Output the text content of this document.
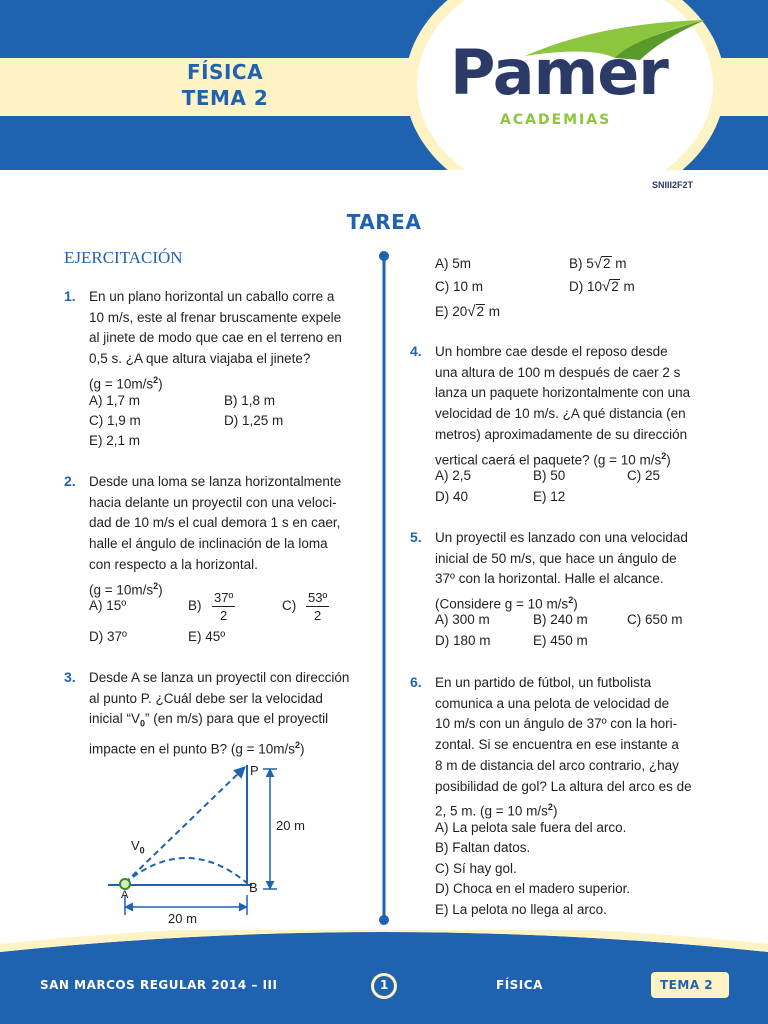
FÍSICA
TEMA 2	Pamer
ACADEMIAS
SNIII2F2T
TAREA
EJERCITACIÓN
1. En un plano horizontal un caballo corre a
10 m/s, este al frenar bruscamente expele
al jinete de modo que cae en el terreno en
0,5 s. ¿A que altura viajaba el jinete?
$(g = 10m/s^2)$
A) 1,7 m	B) 1,8 m
C) 1,9 m	D) 1,25 m
E) 2,1 m
2. Desde una loma se lanza horizontalmente
hacia delante un proyectil con una veloci-
dad de 10 m/s el cual demora 1 s en caer,
halle el ángulo de inclinación de la loma
con respecto a la horizontal.
$(g = 10m/s^2)$
A) 15º	$B) \frac{\text{37º}}{2}$	$C) \frac{\text{53º}}{2}$
D) 37º	E) 45º
3. Desde A se lanza un proyectil con dirección
al punto P. ¿Cuál debe ser la velocidad
inicial “$V_0$” (en m/s) para que el proyectil
impacte en el punto B? $(g = 10m/s^2)$
P
B
A
$V_0$
20 m
20 m
A) 5m	B) 5√2 m
C) 10 m	D) 10√2 m
E) 20√2 m
4. Un hombre cae desde el reposo desde
una altura de 100 m después de caer 2 s
lanza un paquete horizontalmente con una
velocidad de 10 m/s. ¿A qué distancia (en
metros) aproximadamente de su dirección
vertical caerá el paquete? (g = 10 $m/s^2$)
A) 2,5	B) 50	C) 25
D) 40	E) 12
5. Un proyectil es lanzado con una velocidad
inicial de 50 m/s, que hace un ángulo de
37º con la horizontal. Halle el alcance.
(Considere g = 10 $m/s^2$)
A) 300 m	B) 240 m	C) 650 m
D) 180 m	E) 450 m
6. En un partido de fútbol, un futbolista
comunica a una pelota de velocidad de
10 m/s con un ángulo de 37º con la hori-
zontal. Si se encuentra en ese instante a
8 m de distancia del arco contrario, ¿hay
posibilidad de gol? La altura del arco es de
2, 5 m. (g = 10 $m/s^2$)
A) La pelota sale fuera del arco.
B) Faltan datos.
C) Sí hay gol.
D) Choca en el madero superior.
E) La pelota no llega al arco.
SAN MARCOS REGULAR 2014 – III	1	FÍSICA	TEMA 2
